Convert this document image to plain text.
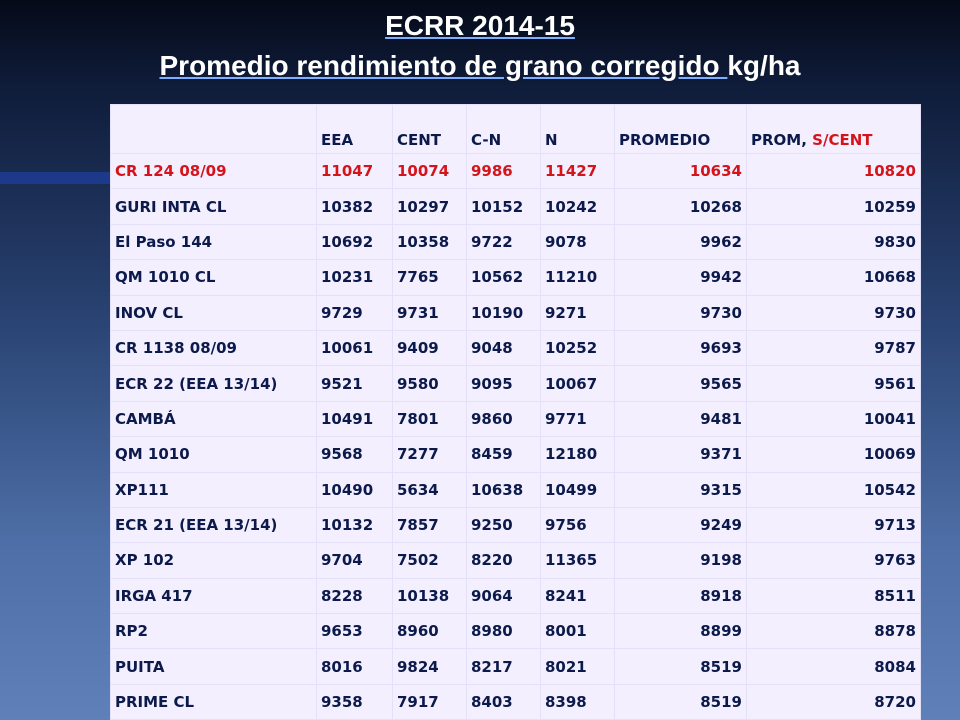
ECRR 2014-15
Promedio rendimiento de grano corregido kg/ha
	EEA	CENT	C-N	N	PROMEDIO	PROM, S/CENT
CR 124 08/09	11047	10074	9986	11427	10634	10820
GURI INTA CL	10382	10297	10152	10242	10268	10259
El Paso 144	10692	10358	9722	9078	9962	9830
QM 1010 CL	10231	7765	10562	11210	9942	10668
INOV CL	9729	9731	10190	9271	9730	9730
CR 1138 08/09	10061	9409	9048	10252	9693	9787
ECR 22 (EEA 13/14)	9521	9580	9095	10067	9565	9561
CAMBÁ	10491	7801	9860	9771	9481	10041
QM 1010	9568	7277	8459	12180	9371	10069
XP111	10490	5634	10638	10499	9315	10542
ECR 21 (EEA 13/14)	10132	7857	9250	9756	9249	9713
XP 102	9704	7502	8220	11365	9198	9763
IRGA 417	8228	10138	9064	8241	8918	8511
RP2	9653	8960	8980	8001	8899	8878
PUITA	8016	9824	8217	8021	8519	8084
PRIME CL	9358	7917	8403	8398	8519	8720
